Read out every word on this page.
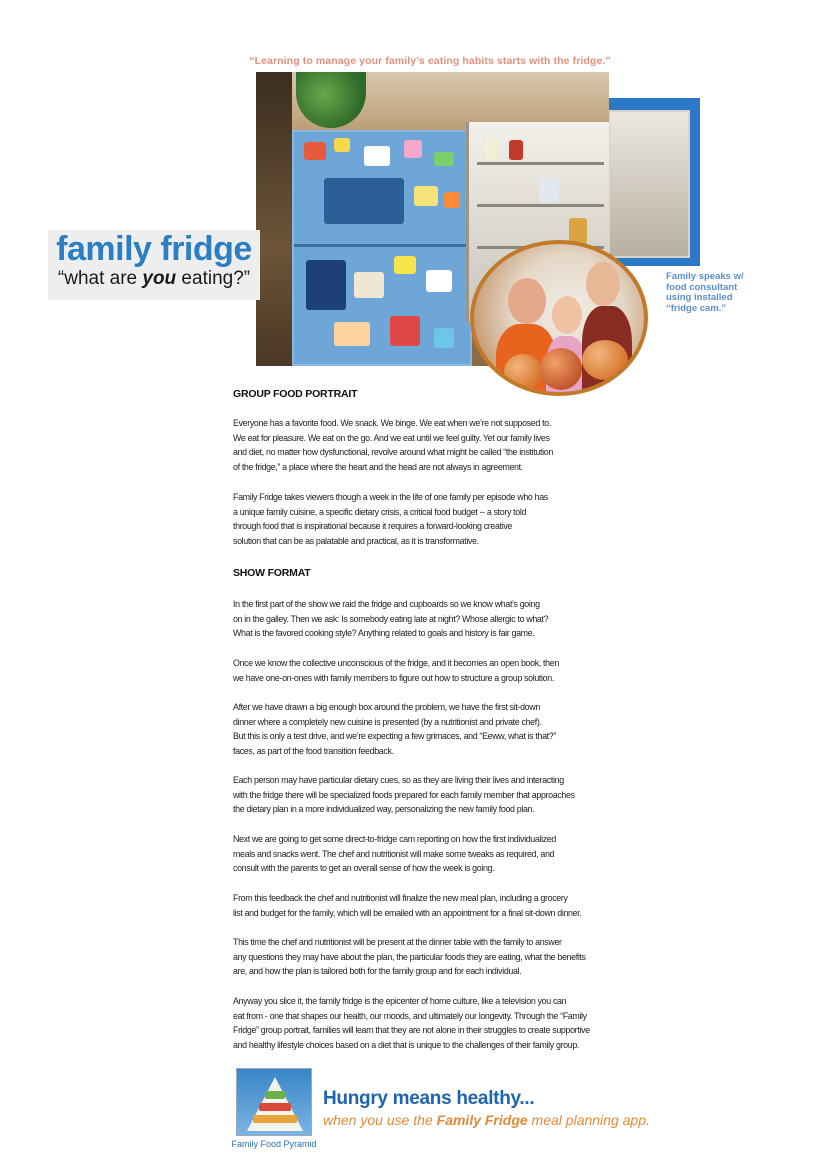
“Learning to manage your family’s eating habits starts with the fridge.”
family fridge
“what are you eating?”	Family speaks w/
food consultant
using installed
“fridge cam.”
GROUP FOOD PORTRAIT
Everyone has a favorite food. We snack. We binge. We eat when we’re not supposed to.
We eat for pleasure. We eat on the go. And we eat until we feel guilty. Yet our family lives
and diet, no matter how dysfunctional, revolve around what might be called “the institution
of the fridge,” a place where the heart and the head are not always in agreement.
Family Fridge takes viewers though a week in the life of one family per episode who has
a unique family cuisine, a specific dietary crisis, a critical food budget -- a story told
through food that is inspirational because it requires a forward-looking creative
solution that can be as palatable and practical, as it is transformative.
SHOW FORMAT
In the first part of the show we raid the fridge and cupboards so we know what’s going
on in the galley. Then we ask: Is somebody eating late at night? Whose allergic to what?
What is the favored cooking style? Anything related to goals and history is fair game.
Once we know the collective unconscious of the fridge, and it becomes an open book, then
we have one-on-ones with family members to figure out how to structure a group solution.
After we have drawn a big enough box around the problem, we have the first sit-down
dinner where a completely new cuisine is presented (by a nutritionist and private chef).
But this is only a test drive, and we’re expecting a few grimaces, and “Eeww, what is that?”
faces, as part of the food transition feedback.
Each person may have particular dietary cues, so as they are living their lives and interacting
with the fridge there will be specialized foods prepared for each family member that approaches
the dietary plan in a more individualized way, personalizing the new family food plan.
Next we are going to get some direct-to-fridge cam reporting on how the first individualized
meals and snacks went. The chef and nutritionist will make some tweaks as required, and
consult with the parents to get an overall sense of how the week is going.
From this feedback the chef and nutritionist will finalize the new meal plan, including a grocery
list and budget for the family, which will be emailed with an appointment for a final sit-down dinner.
This time the chef and nutritionist will be present at the dinner table with the family to answer
any questions they may have about the plan, the particular foods they are eating, what the benefits
are, and how the plan is tailored both for the family group and for each individual.
Anyway you slice it, the family fridge is the epicenter of home culture, like a television you can
eat from - one that shapes our health, our moods, and ultimately our longevity. Through the “Family
Fridge” group portrait, families will learn that they are not alone in their struggles to create supportive
and healthy lifestyle choices based on a diet that is unique to the challenges of their family group.
Family Food Pyramid
Hungry means healthy...
when you use the Family Fridge meal planning app.
